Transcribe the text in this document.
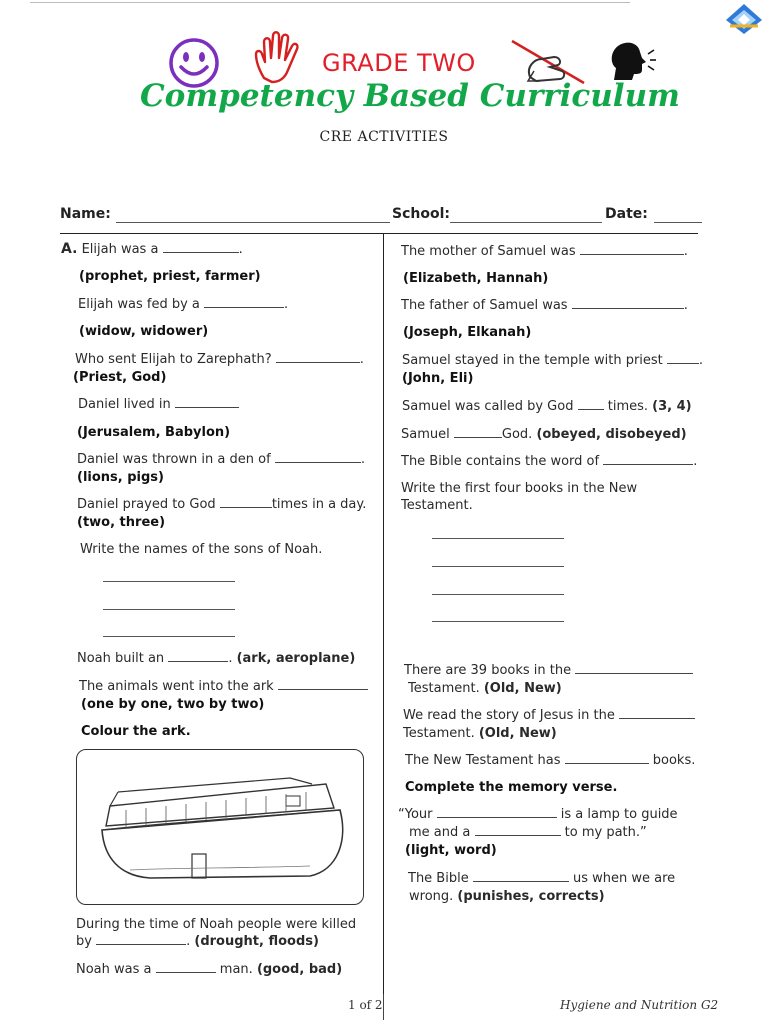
GRADE TWO
Competency Based Curriculum
CRE ACTIVITIES
Name:	School:	Date:
A. Elijah was a	.
(prophet, priest, farmer)
Elijah was fed by a	.
(widow, widower)
Who sent Elijah to Zarephath?	.
(Priest, God)
Daniel lived in
(Jerusalem, Babylon)
Daniel was thrown in a den of	.
(lions, pigs)
Daniel prayed to God	times in a day.
(two, three)
Write the names of the sons of Noah.
Noah built an	. (ark, aeroplane)
The animals went into the ark
(one by one, two by two)
Colour the ark.
During the time of Noah people were killed
by	. (drought, floods)
Noah was a	man. (good, bad)
The mother of Samuel was	.
(Elizabeth, Hannah)
The father of Samuel was	.
(Joseph, Elkanah)
Samuel stayed in the temple with priest	.
(John, Eli)
Samuel was called by God	times. (3, 4)
Samuel	God. (obeyed, disobeyed)
The Bible contains the word of	.
Write the first four books in the New
Testament.
There are 39 books in the
Testament. (Old, New)
We read the story of Jesus in the
Testament. (Old, New)
The New Testament has	books.
Complete the memory verse.
“Your	is a lamp to guide
me and a	to my path.”
(light, word)
The Bible	us when we are
wrong. (punishes, corrects)
1 of 2	Hygiene and Nutrition G2
